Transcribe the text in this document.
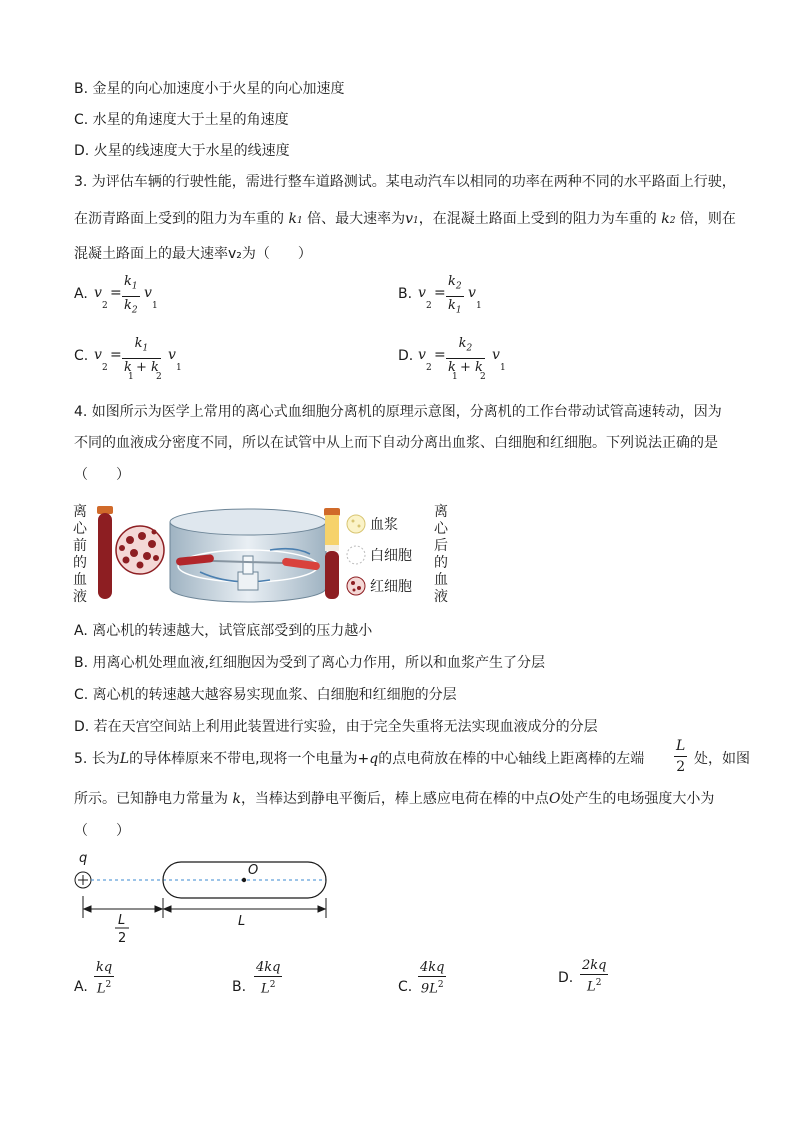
B. 金星的向心加速度小于火星的向心加速度
C. 水星的角速度大于土星的角速度
D. 火星的线速度大于水星的线速度
3. 为评估车辆的行驶性能，需进行整车道路测试。某电动汽车以相同的功率在两种不同的水平路面上行驶，
在沥青路面上受到的阻力为车重的 k1 倍、最大速率为v1，在混凝土路面上受到的阻力为车重的 k2 倍，则在
混凝土路面上的最大速率v₂为（　　）
A. v
2
=
$k_1$
$k_2$
v
1
B. v
2
=
$k_2$
$k_1$
v
1
C. v
2
=
$k_1$
k + k
1 2
v
1
D. v
2
=
$k_2$
k + k
1 2
v
1
4. 如图所示为医学上常用的离心式血细胞分离机的原理示意图，分离机的工作台带动试管高速转动，因为
不同的血液成分密度不同，所以在试管中从上而下自动分离出血浆、白细胞和红细胞。下列说法正确的是
（　　）
离
心
前
的
血
液
血浆
白细胞
红细胞
离
心
后
的
血
液
A. 离心机的转速越大，试管底部受到的压力越小
B. 用离心机处理血液,红细胞因为受到了离心力作用，所以和血浆产生了分层
C. 离心机的转速越大越容易实现血浆、白细胞和红细胞的分层
D. 若在天宫空间站上利用此装置进行实验，由于完全失重将无法实现血液成分的分层
5. 长为L的导体棒原来不带电,现将一个电量为+q的点电荷放在棒的中心轴线上距离棒的左端
L
2 处，如图
所示。已知静电力常量为 k，当棒达到静电平衡后，棒上感应电荷在棒的中点O处产生的电场强度大小为
（　　）
q
O
L
2
L
A.
kq
$L^2$	B.
4kq
$L^2$	C.
4kq
$9L^2$	D.
2kq
$L^2$
